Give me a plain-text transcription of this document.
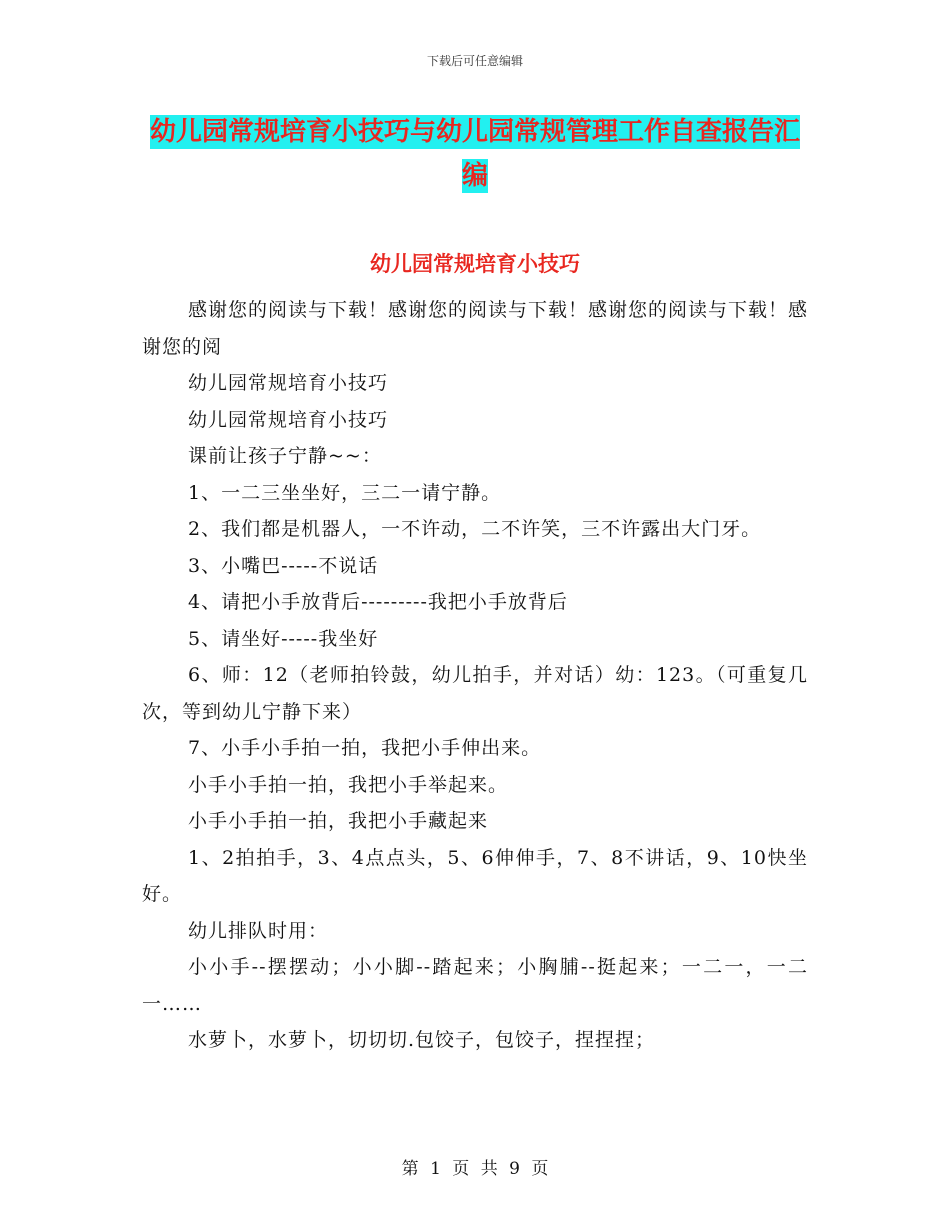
下载后可任意编辑
幼儿园常规培育小技巧与幼儿园常规管理工作自查报告汇编
幼儿园常规培育小技巧

感谢您的阅读与下载！感谢您的阅读与下载！感谢您的阅读与下载！感谢您的阅

幼儿园常规培育小技巧

幼儿园常规培育小技巧

课前让孩子宁静~~：

1、一二三坐坐好，三二一请宁静。

2、我们都是机器人，一不许动，二不许笑，三不许露出大门牙。

3、小嘴巴-----不说话

4、请把小手放背后---------我把小手放背后

5、请坐好-----我坐好

6、师：12（老师拍铃鼓，幼儿拍手，并对话）幼：123。（可重复几次，等到幼儿宁静下来）

7、小手小手拍一拍，我把小手伸出来。

小手小手拍一拍，我把小手举起来。

小手小手拍一拍，我把小手藏起来

1、2拍拍手，3、4点点头，5、6伸伸手，7、8不讲话，9、10快坐好。

幼儿排队时用：

小小手--摆摆动；小小脚--踏起来；小胸脯--挺起来；一二一，一二一……

水萝卜，水萝卜，切切切.包饺子，包饺子，捏捏捏；

第 1 页 共 9 页
